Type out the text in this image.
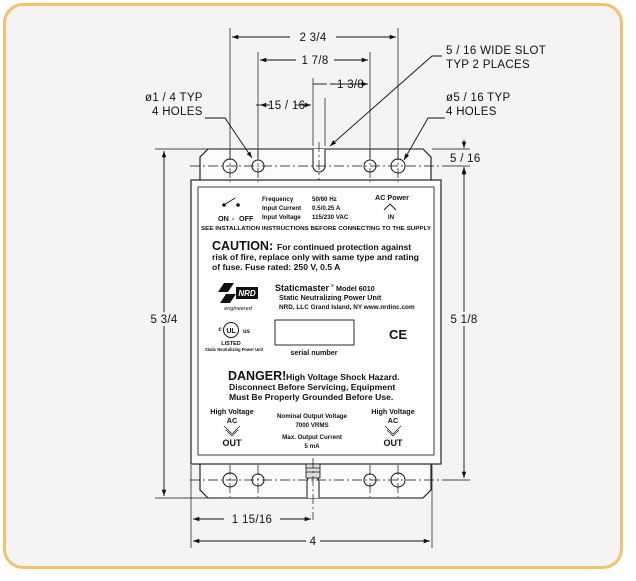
2 3/4
1 7/8
1 3/8
15 / 16
5 / 16 WIDE SLOT
TYP 2 PLACES
ø1 / 4 TYP
4 HOLES
ø5 / 16 TYP
4 HOLES
5 / 16
5 3/4	5 1/8
1 15/16
4
ON - OFF
Frequency	50/60 Hz
Input Current 0.5/0.25 A
Input Voltage 115/230 VAC
AC Power
IN
SEE INSTALLATION INSTRUCTIONS BEFORE CONNECTING TO THE SUPPLY
CAUTION: For continued protection against
risk of fire, replace only with same type and rating
of fuse. Fuse rated: 250 V, 0.5 A
NRD
engineered
Staticmaster ® Model 6010
Static Neutralizing Power Unit
NRD, LLC Grand Island, NY www.nrdinc.com
UL
c	us
LISTED
Static Neutralizing Power Unit	serial number
CE
DANGER! High Voltage Shock Hazard.
Disconnect Before Servicing, Equipment
Must Be Properly Grounded Before Use.
High Voltage
AC
OUT
High Voltage
AC
OUT
Nominal Output Voltage
7000 VRMS
Max. Output Current
5 mA
